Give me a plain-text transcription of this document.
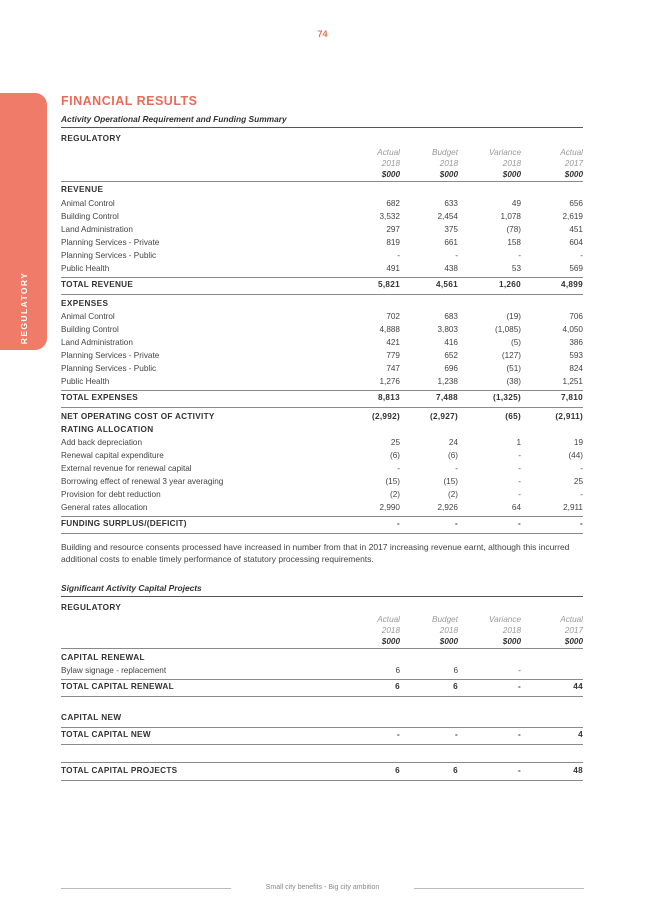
74
REGULATORY
FINANCIAL RESULTS
Activity Operational Requirement and Funding Summary
REGULATORY
Actual
2018
$000
Budget
2018
$000
Variance
2018
$000
Actual
2017
$000
REVENUE
Animal Control	682	633	49	656
Building Control	3,532	2,454	1,078	2,619
Land Administration	297	375	(78)	451
Planning Services - Private	819	661	158	604
Planning Services - Public	-	-	-	-
Public Health	491	438	53	569
TOTAL REVENUE	5,821	4,561	1,260	4,899
EXPENSES
Animal Control	702	683	(19)	706
Building Control	4,888	3,803	(1,085)	4,050
Land Administration	421	416	(5)	386
Planning Services - Private	779	652	(127)	593
Planning Services - Public	747	696	(51)	824
Public Health	1,276	1,238	(38)	1,251
TOTAL EXPENSES	8,813	7,488	(1,325)	7,810
NET OPERATING COST OF ACTIVITY	(2,992)	(2,927)	(65)	(2,911)
RATING ALLOCATION
Add back depreciation	25	24	1	19
Renewal capital expenditure	(6)	(6)	-	(44)
External revenue for renewal capital	-	-	-	-
Borrowing effect of renewal 3 year averaging	(15)	(15)	-	25
Provision for debt reduction	(2)	(2)	-	-
General rates allocation	2,990	2,926	64	2,911
FUNDING SURPLUS/(DEFICIT)	-	-	-	-
Building and resource consents processed have increased in number from that in 2017 increasing revenue earnt, although this incurred additional costs to enable timely performance of statutory processing requirements.
Significant Activity Capital Projects
REGULATORY
Actual
2018
$000
Budget
2018
$000
Variance
2018
$000
Actual
2017
$000
CAPITAL RENEWAL
Bylaw signage - replacement	6	6	-
TOTAL CAPITAL RENEWAL	6	6	-	44
CAPITAL NEW
TOTAL CAPITAL NEW	-	-	-	4
TOTAL CAPITAL PROJECTS	6	6	-	48
Small city benefits - Big city ambition
